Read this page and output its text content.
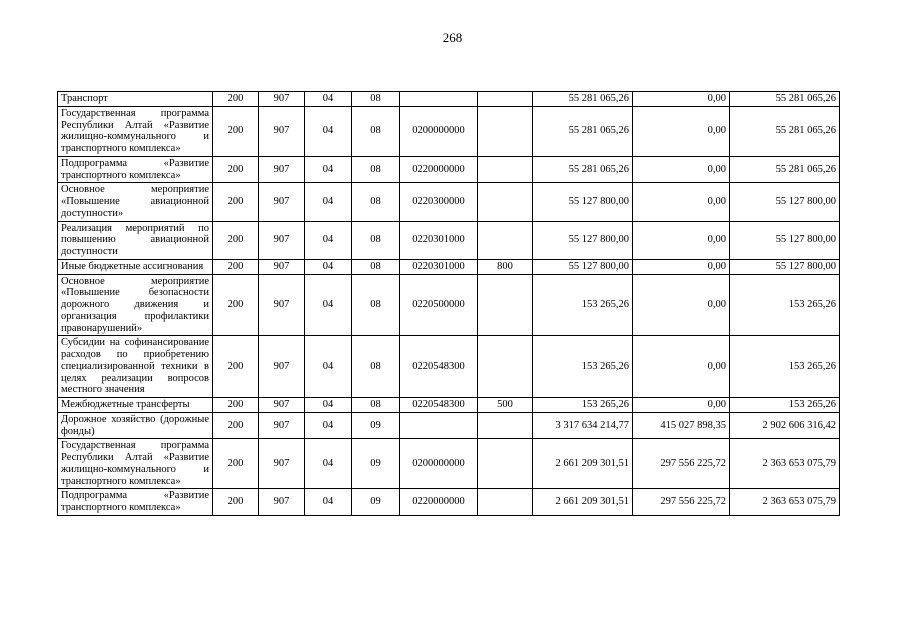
268
Транспорт	200	907	04	08			55 281 065,26	0,00	55 281 065,26
Государственная программа Республики Алтай «Развитие жилищно-коммунального и транспортного комплекса»	200	907	04	08	0200000000		55 281 065,26	0,00	55 281 065,26
Подпрограмма «Развитие транспортного комплекса»	200	907	04	08	0220000000		55 281 065,26	0,00	55 281 065,26
Основное мероприятие «Повышение авиационной доступности»	200	907	04	08	0220300000		55 127 800,00	0,00	55 127 800,00
Реализация мероприятий по повышению авиационной доступности	200	907	04	08	0220301000		55 127 800,00	0,00	55 127 800,00
Иные бюджетные ассигнования	200	907	04	08	0220301000	800	55 127 800,00	0,00	55 127 800,00
Основное мероприятие «Повышение безопасности дорожного движения и организация профилактики правонарушений»	200	907	04	08	0220500000		153 265,26	0,00	153 265,26
Субсидии на софинансирование расходов по приобретению специализированной техники в целях реализации вопросов местного значения	200	907	04	08	0220548300		153 265,26	0,00	153 265,26
Межбюджетные трансферты	200	907	04	08	0220548300	500	153 265,26	0,00	153 265,26
Дорожное хозяйство (дорожные фонды)	200	907	04	09			3 317 634 214,77	415 027 898,35	2 902 606 316,42
Государственная программа Республики Алтай «Развитие жилищно-коммунального и транспортного комплекса»	200	907	04	09	0200000000		2 661 209 301,51	297 556 225,72	2 363 653 075,79
Подпрограмма «Развитие транспортного комплекса»	200	907	04	09	0220000000		2 661 209 301,51	297 556 225,72	2 363 653 075,79
